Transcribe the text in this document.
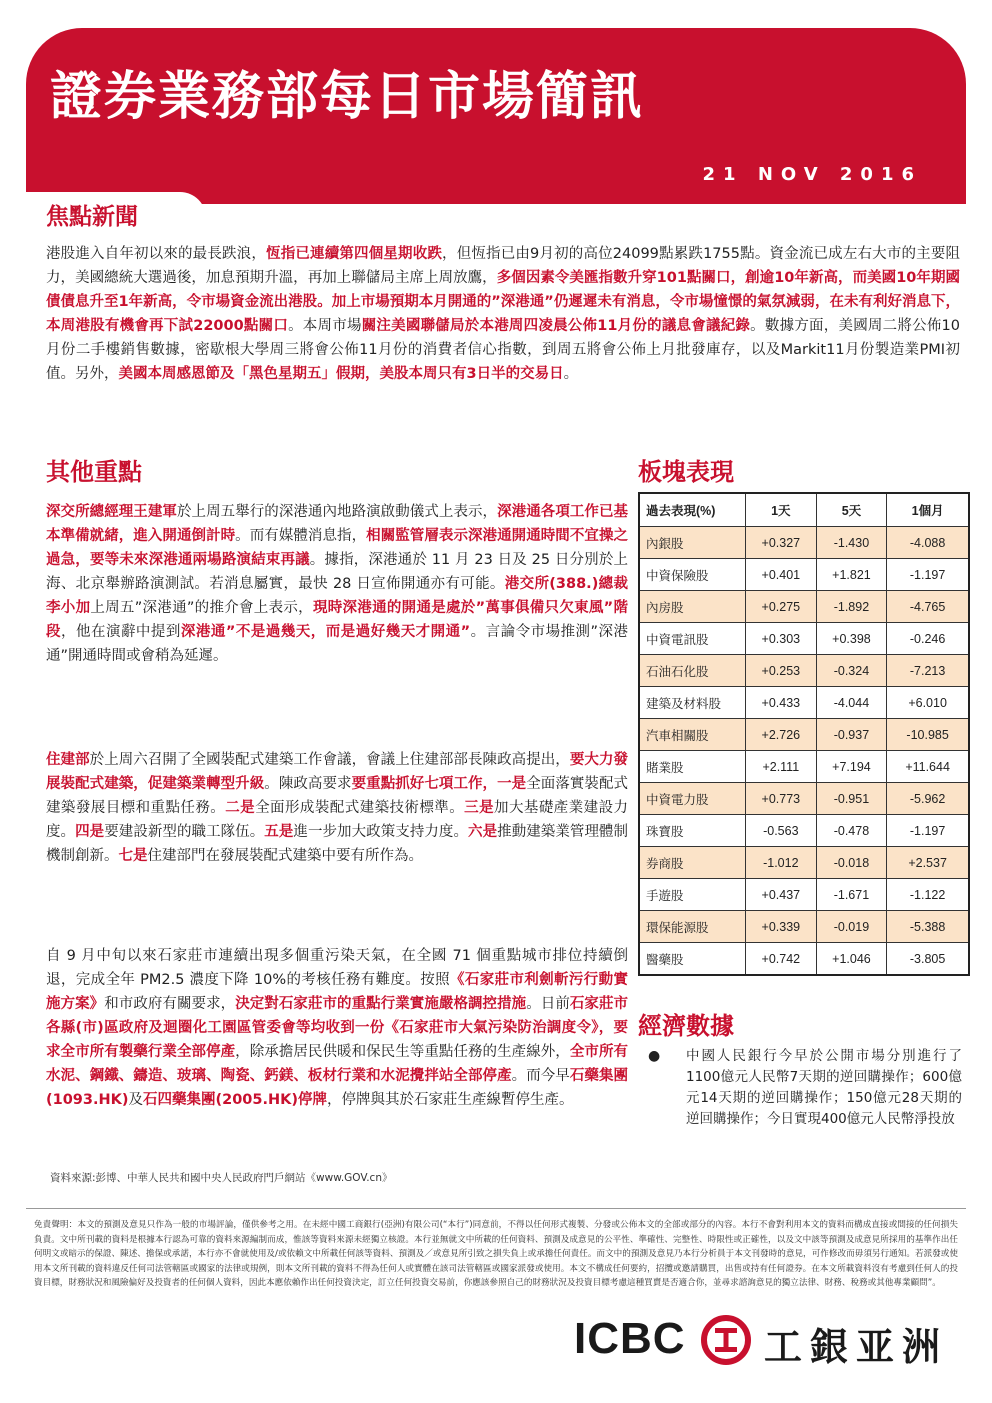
證券業務部每日市場簡訊
21 NOV 2016
焦點新聞
港股進入自年初以來的最長跌浪，恆指已連續第四個星期收跌，但恆指已由9月初的高位24099點累跌1755點。資金流已成左右大市的主要阻力，美國總統大選過後，加息預期升溫，再加上聯儲局主席上周放鷹，多個因素令美匯指數升穿101點關口，創逾10年新高，而美國10年期國債債息升至1年新高，令市場資金流出港股。加上市場預期本月開通的”深港通”仍遲遲未有消息，令市場憧憬的氣氛減弱，在未有利好消息下，本周港股有機會再下試22000點關口。本周市場關注美國聯儲局於本港周四凌晨公佈11月份的議息會議紀錄。數據方面，美國周二將公佈10月份二手樓銷售數據，密歇根大學周三將會公佈11月份的消費者信心指數，到周五將會公佈上月批發庫存，以及Markit11月份製造業PMI初值。另外，美國本周感恩節及「黑色星期五」假期，美股本周只有3日半的交易日。
其他重點	板塊表現
深交所總經理王建軍於上周五舉行的深港通內地路演啟動儀式上表示，深港通各項工作已基本準備就緒，進入開通倒計時。而有媒體消息指，相關監管層表示深港通開通時間不宜操之過急，要等未來深港通兩場路演結束再議。據指，深港通於 11 月 23 日及 25 日分別於上海、北京舉辦路演測試。若消息屬實，最快 28 日宣佈開通亦有可能。港交所(388.)總裁李小加上周五”深港通”的推介會上表示，現時深港通的開通是處於”萬事俱備只欠東風”階段，他在演辭中提到深港通”不是過幾天，而是過好幾天才開通”。言論令市場推測”深港通”開通時間或會稍為延遲。
住建部於上周六召開了全國裝配式建築工作會議，會議上住建部部長陳政高提出，要大力發展裝配式建築，促建築業轉型升級。陳政高要求要重點抓好七項工作，一是全面落實裝配式建築發展目標和重點任務。二是全面形成裝配式建築技術標準。三是加大基礎產業建設力度。四是要建設新型的職工隊伍。五是進一步加大政策支持力度。六是推動建築業管理體制機制創新。七是住建部門在發展裝配式建築中要有所作為。
自 9 月中旬以來石家莊市連續出現多個重污染天氣，在全國 71 個重點城市排位持續倒退，完成全年 PM2.5 濃度下降 10%的考核任務有難度。按照《石家莊市利劍斬污行動實施方案》和市政府有關要求，決定對石家莊市的重點行業實施嚴格調控措施。日前石家莊市各縣(市)區政府及迴圈化工園區管委會等均收到一份《石家莊市大氣污染防治調度令》，要求全市所有製藥行業全部停產，除承擔居民供暖和保民生等重點任務的生產線外，全市所有水泥、鋼鐵、鑄造、玻璃、陶瓷、鈣鎂、板材行業和水泥攪拌站全部停產。而今早石藥集團(1093.HK)及石四藥集團(2005.HK)停牌，停牌與其於石家莊生產線暫停生產。
過去表現(%)	1天	5天	1個月
內銀股	+0.327	-1.430	-4.088
中資保險股	+0.401	+1.821	-1.197
內房股	+0.275	-1.892	-4.765
中資電訊股	+0.303	+0.398	-0.246
石油石化股	+0.253	-0.324	-7.213
建築及材料股	+0.433	-4.044	+6.010
汽車相關股	+2.726	-0.937	-10.985
賭業股	+2.111	+7.194	+11.644
中資電力股	+0.773	-0.951	-5.962
珠寶股	-0.563	-0.478	-1.197
券商股	-1.012	-0.018	+2.537
手遊股	+0.437	-1.671	-1.122
環保能源股	+0.339	-0.019	-5.388
醫藥股	+0.742	+1.046	-3.805
經濟數據
● 中國人民銀行今早於公開市場分別進行了1100億元人民幣7天期的逆回購操作；600億元14天期的逆回購操作；150億元28天期的逆回購操作；今日實現400億元人民幣淨投放
資料來源:彭博、中華人民共和國中央人民政府門戶網站《www.GOV.cn》
免責聲明：本文的預測及意見只作為一般的市場評論，僅供參考之用。在未經中國工商銀行(亞洲)有限公司(“本行”)同意前，不得以任何形式複製、分發或公佈本文的全部或部分的內容。本行不會對利用本文的資料而構成直接或間接的任何損失負責。文中所刊載的資料是根據本行認為可靠的資料來源編制而成，惟該等資料來源未經獨立核證。本行並無就文中所載的任何資料、預測及成意見的公平性、準確性、完整性、時限性或正確性，以及文中該等預測及成意見所採用的基準作出任何明文或暗示的保證、陳述、擔保或承諾，本行亦不會就使用及/或依賴文中所載任何該等資料、預測及／或意見所引致之損失負上或承擔任何責任。而文中的預測及意見乃本行分析員于本文刊發時的意見，可作修改而毋須另行通知。若派發或使用本文所刊載的資料違反任何司法管轄區或國家的法律或規例，則本文所刊載的資料不得為任何人或實體在該司法管轄區或國家派發或使用。本文不構成任何要約，招攬或邀請購買，出售或持有任何證券。在本文所載資料沒有考慮到任何人的投資目標，財務狀況和風險偏好及投資者的任何個人資料，因此本應依賴作出任何投資決定，訂立任何投資交易前，你應該參照自己的財務狀況及投資目標考慮這種買賣是否適合你，並尋求諮詢意見的獨立法律、財務、稅務或其他專業顧問”。
ICBC 工銀亚洲
